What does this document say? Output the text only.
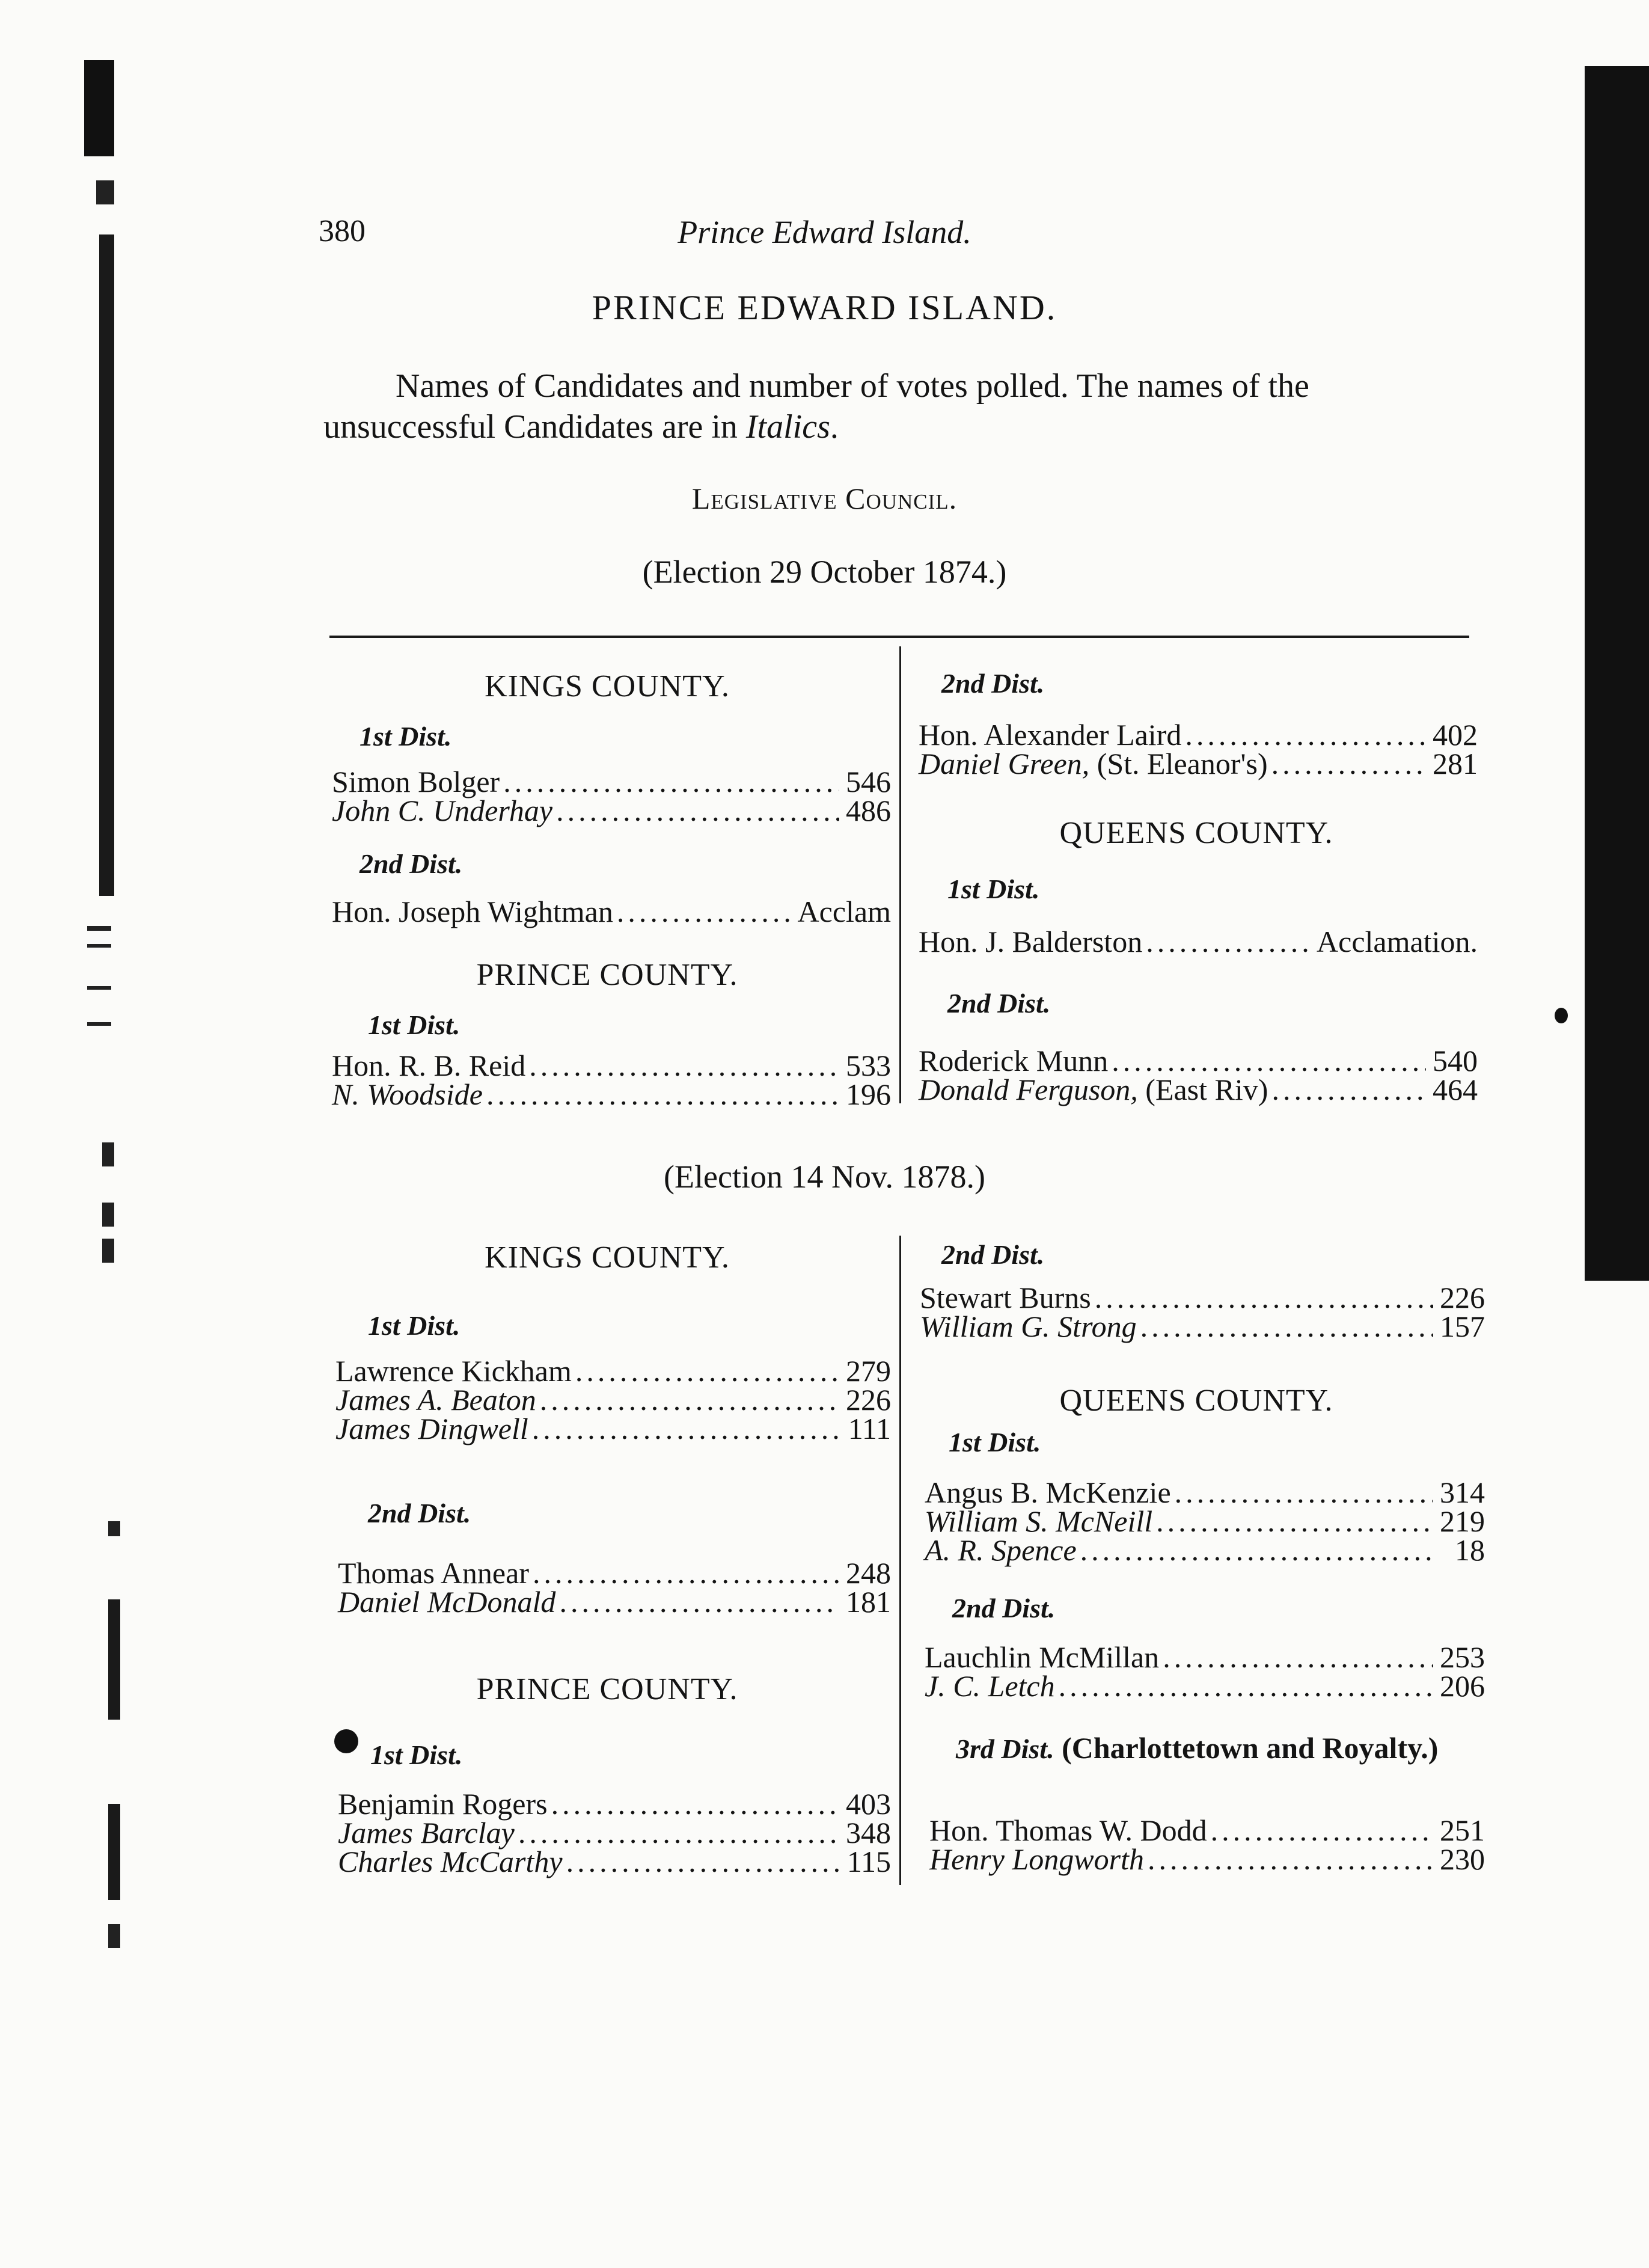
380	Prince Edward Island.
PRINCE EDWARD ISLAND.
Names of Candidates and number of votes polled. The names of the unsuccessful Candidates are in Italics.
Legislative Council.
(Election 29 October 1874.)
KINGS COUNTY.
1st Dist.
Simon Bolger .....	546
John C. Underhay .....	486
2nd Dist.
Hon. Joseph Wightman .....	Acclam
PRINCE COUNTY.
1st Dist.
Hon. R. B. Reid .....	533
N. Woodside .....	196
2nd Dist.
Hon. Alexander Laird .....	402
Daniel Green,
(St. Eleanor's) .....	281
QUEENS COUNTY.
1st Dist.
Hon. J. Balderston .....	Acclamation.
2nd Dist.
Roderick Munn .....	540
Donald Ferguson,
(East Riv) .....	464
(Election 14 Nov. 1878.)
KINGS COUNTY.
1st Dist.
Lawrence Kickham .....	279
James A. Beaton .....	226
James Dingwell .....	111
2nd Dist.
Thomas Annear .....	248
Daniel McDonald .....	181
PRINCE COUNTY.
1st Dist.
Benjamin Rogers .....	403
James Barclay .....	348
Charles McCarthy .....	115
2nd Dist.
Stewart Burns .....	226
William G. Strong .....	157
QUEENS COUNTY.
1st Dist.
Angus B. McKenzie .....	314
William S. McNeill .....	219
A. R. Spence .....	18
2nd Dist.
Lauchlin McMillan .....	253
J. C. Letch .....	206
3rd Dist. (Charlottetown and Royalty.)
Hon. Thomas W. Dodd .....	251
Henry Longworth .....	230
